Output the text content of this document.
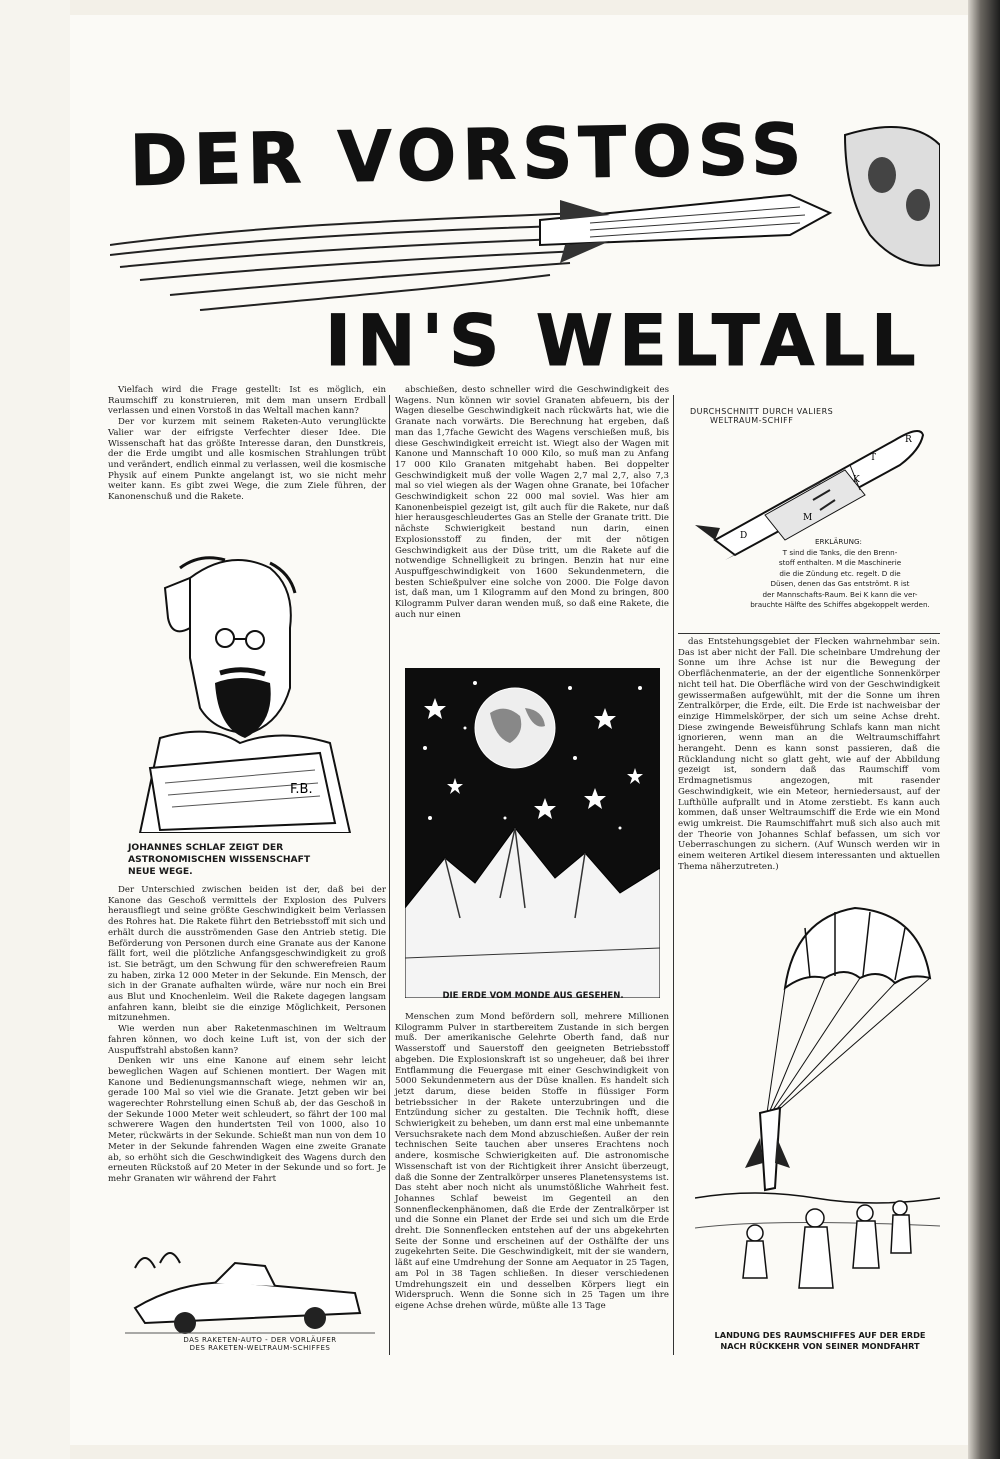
DER VORSTOSS
IN'S WELTALL

Vielfach wird die Frage gestellt: Ist es möglich, ein Raumschiff zu konstruieren, mit dem man unsern Erdball verlassen und einen Vorstoß in das Weltall machen kann?

Der vor kurzem mit seinem Raketen-Auto verunglückte Valier war der eifrigste Verfechter dieser Idee. Die Wissenschaft hat das größte Interesse daran, den Dunstkreis, der die Erde umgibt und alle kosmischen Strahlungen trübt und verändert, endlich einmal zu verlassen, weil die kosmische Physik auf einem Punkte angelangt ist, wo sie nicht mehr weiter kann. Es gibt zwei Wege, die zum Ziele führen, der Kanonenschuß und die Rakete.

F.B.
JOHANNES SCHLAF ZEIGT DER
ASTRONOMISCHEN WISSENSCHAFT
NEUE WEGE.

Der Unterschied zwischen beiden ist der, daß bei der Kanone das Geschoß vermittels der Explosion des Pulvers herausfliegt und seine größte Geschwindigkeit beim Verlassen des Rohres hat. Die Rakete führt den Betriebsstoff mit sich und erhält durch die ausströmenden Gase den Antrieb stetig. Die Beförderung von Personen durch eine Granate aus der Kanone fällt fort, weil die plötzliche Anfangsgeschwindigkeit zu groß ist. Sie beträgt, um den Schwung für den schwerefreien Raum zu haben, zirka 12 000 Meter in der Sekunde. Ein Mensch, der sich in der Granate aufhalten würde, wäre nur noch ein Brei aus Blut und Knochenleim. Weil die Rakete dagegen langsam anfahren kann, bleibt sie die einzige Möglichkeit, Personen mitzunehmen.

Wie werden nun aber Raketenmaschinen im Weltraum fahren können, wo doch keine Luft ist, von der sich der Auspuffstrahl abstoßen kann?

Denken wir uns eine Kanone auf einem sehr leicht beweglichen Wagen auf Schienen montiert. Der Wagen mit Kanone und Bedienungsmannschaft wiege, nehmen wir an, gerade 100 Mal so viel wie die Granate. Jetzt geben wir bei wagerechter Rohrstellung einen Schuß ab, der das Geschoß in der Sekunde 1000 Meter weit schleudert, so fährt der 100 mal schwerere Wagen den hundertsten Teil von 1000, also 10 Meter, rückwärts in der Sekunde. Schießt man nun von dem 10 Meter in der Sekunde fahrenden Wagen eine zweite Granate ab, so erhöht sich die Geschwindigkeit des Wagens durch den erneuten Rückstoß auf 20 Meter in der Sekunde und so fort. Je mehr Granaten wir während der Fahrt

DAS RAKETEN-AUTO - DER VORLÄUFER
DES RAKETEN-WELTRAUM-SCHIFFES

abschießen, desto schneller wird die Geschwindigkeit des Wagens. Nun können wir soviel Granaten abfeuern, bis der Wagen dieselbe Geschwindigkeit nach rückwärts hat, wie die Granate nach vorwärts. Die Berechnung hat ergeben, daß man das 1,7fache Gewicht des Wagens verschießen muß, bis diese Geschwindigkeit erreicht ist. Wiegt also der Wagen mit Kanone und Mannschaft 10 000 Kilo, so muß man zu Anfang 17 000 Kilo Granaten mitgehabt haben. Bei doppelter Geschwindigkeit muß der volle Wagen 2,7 mal 2,7, also 7,3 mal so viel wiegen als der Wagen ohne Granate, bei 10facher Geschwindigkeit schon 22 000 mal soviel. Was hier am Kanonenbeispiel gezeigt ist, gilt auch für die Rakete, nur daß hier herausgeschleudertes Gas an Stelle der Granate tritt. Die nächste Schwierigkeit bestand nun darin, einen Explosionsstoff zu finden, der mit der nötigen Geschwindigkeit aus der Düse tritt, um die Rakete auf die notwendige Schnelligkeit zu bringen. Benzin hat nur eine Auspuffgeschwindigkeit von 1600 Sekundenmetern, die besten Schießpulver eine solche von 2000. Die Folge davon ist, daß man, um 1 Kilogramm auf den Mond zu bringen, 800 Kilogramm Pulver daran wenden muß, so daß eine Rakete, die auch nur einen

DIE ERDE VOM MONDE AUS GESEHEN.

Menschen zum Mond befördern soll, mehrere Millionen Kilogramm Pulver in startbereitem Zustande in sich bergen muß. Der amerikanische Gelehrte Oberth fand, daß nur Wasserstoff und Sauerstoff den geeigneten Betriebsstoff abgeben. Die Explosionskraft ist so ungeheuer, daß bei ihrer Entflammung die Feuergase mit einer Geschwindigkeit von 5000 Sekundenmetern aus der Düse knallen. Es handelt sich jetzt darum, diese beiden Stoffe in flüssiger Form betriebssicher in der Rakete unterzubringen und die Entzündung sicher zu gestalten. Die Technik hofft, diese Schwierigkeit zu beheben, um dann erst mal eine unbemannte Versuchsrakete nach dem Mond abzuschießen. Außer der rein technischen Seite tauchen aber unseres Erachtens noch andere, kosmische Schwierigkeiten auf. Die astronomische Wissenschaft ist von der Richtigkeit ihrer Ansicht überzeugt, daß die Sonne der Zentralkörper unseres Planetensystems ist. Das steht aber noch nicht als unumstößliche Wahrheit fest. Johannes Schlaf beweist im Gegenteil an den Sonnenfleckenphänomen, daß die Erde der Zentralkörper ist und die Sonne ein Planet der Erde sei und sich um die Erde dreht. Die Sonnenflecken entstehen auf der uns abgekehrten Seite der Sonne und erscheinen auf der Osthälfte der uns zugekehrten Seite. Die Geschwindigkeit, mit der sie wandern, läßt auf eine Umdrehung der Sonne am Aequator in 25 Tagen, am Pol in 38 Tagen schließen. In dieser verschiedenen Umdrehungszeit ein und desselben Körpers liegt ein Widerspruch. Wenn die Sonne sich in 25 Tagen um ihre eigene Achse drehen würde, müßte alle 13 Tage

DURCHSCHNITT DURCH VALIERS
WELTRAUM-SCHIFF
T
R
K
M
D
ERKLÄRUNG:
T sind die Tanks, die den Brenn-
stoff enthalten. M die Maschinerie
die die Zündung etc. regelt. D die
Düsen, denen das Gas entströmt. R ist
der Mannschafts-Raum. Bei K kann die ver-
brauchte Hälfte des Schiffes abgekoppelt werden.

das Entstehungsgebiet der Flecken wahrnehmbar sein. Das ist aber nicht der Fall. Die scheinbare Umdrehung der Sonne um ihre Achse ist nur die Bewegung der Oberflächenmaterie, an der der eigentliche Sonnenkörper nicht teil hat. Die Oberfläche wird von der Geschwindigkeit gewissermaßen aufgewühlt, mit der die Sonne um ihren Zentralkörper, die Erde, eilt. Die Erde ist nachweisbar der einzige Himmelskörper, der sich um seine Achse dreht. Diese zwingende Beweisführung Schlafs kann man nicht ignorieren, wenn man an die Weltraumschiffahrt herangeht. Denn es kann sonst passieren, daß die Rücklandung nicht so glatt geht, wie auf der Abbildung gezeigt ist, sondern daß das Raumschiff vom Erdmagnetismus angezogen, mit rasender Geschwindigkeit, wie ein Meteor, herniedersaust, auf der Lufthülle aufprallt und in Atome zerstiebt. Es kann auch kommen, daß unser Weltraumschiff die Erde wie ein Mond ewig umkreist. Die Raumschiffahrt muß sich also auch mit der Theorie von Johannes Schlaf befassen, um sich vor Ueberraschungen zu sichern. (Auf Wunsch werden wir in einem weiteren Artikel diesem interessanten und aktuellen Thema näherzutreten.)

LANDUNG DES RAUMSCHIFFES AUF DER ERDE
NACH RÜCKKEHR VON SEINER MONDFAHRT
